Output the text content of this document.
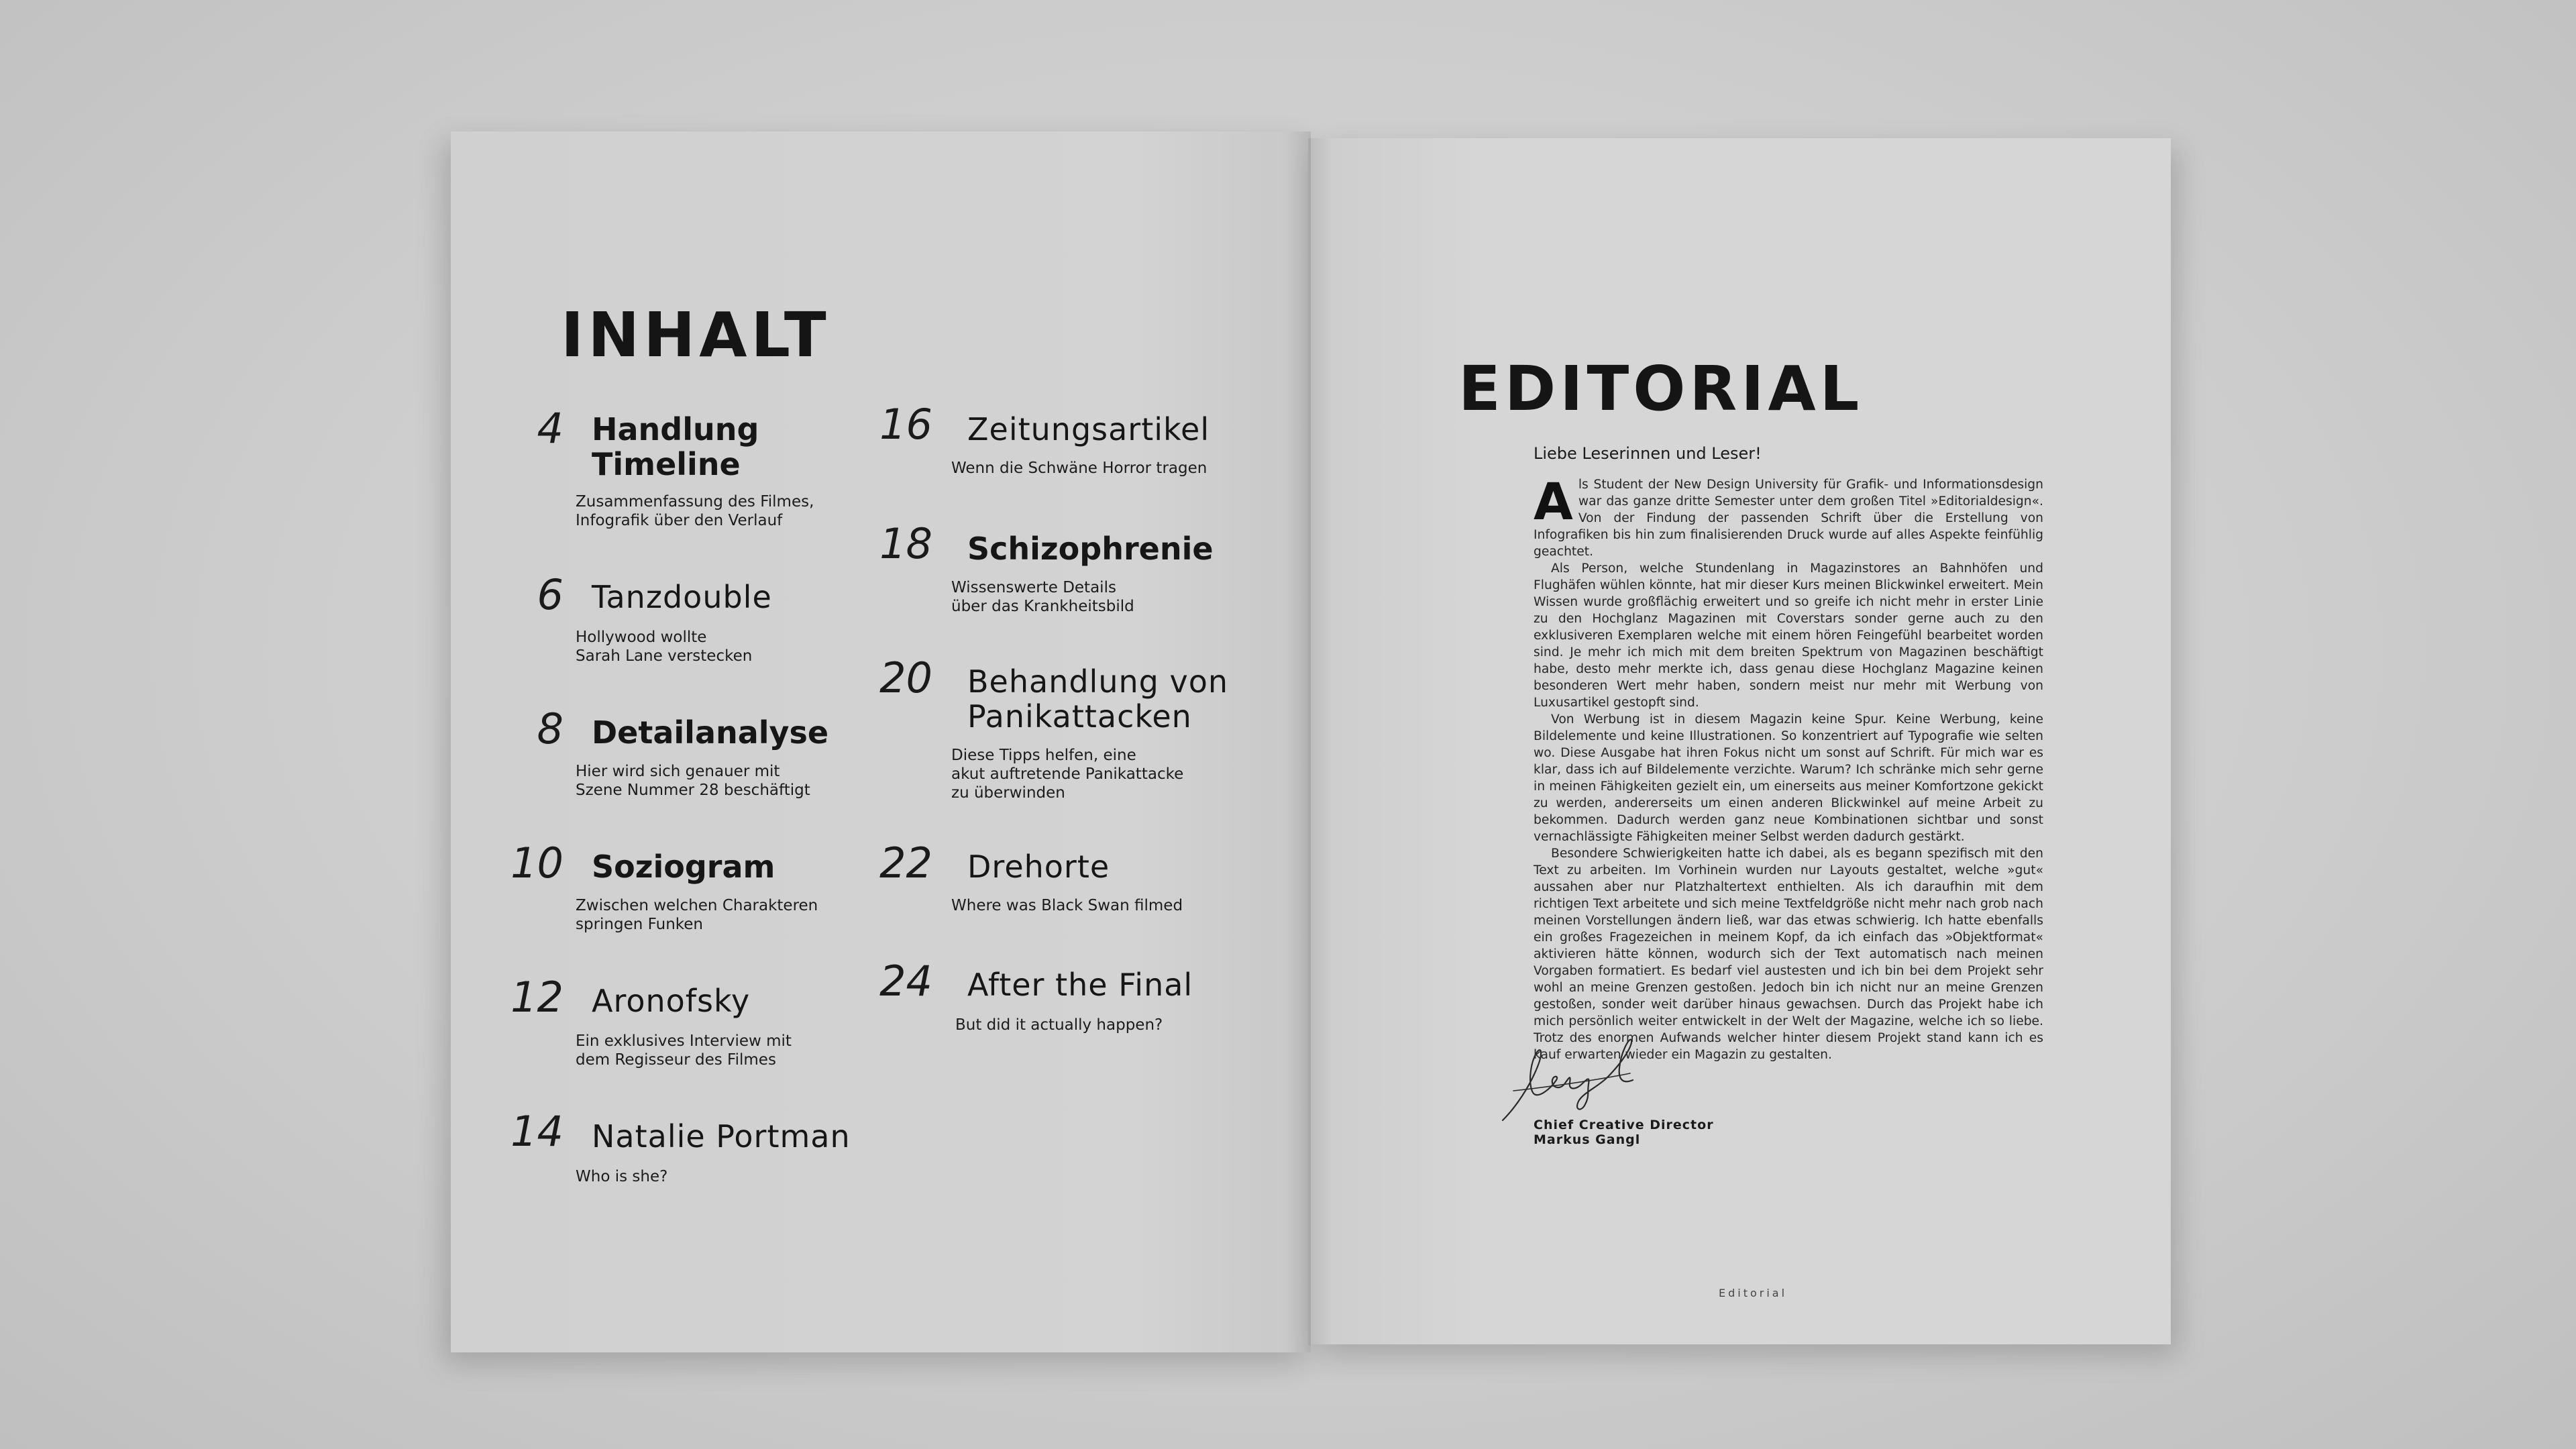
INHALT
4 Handlung
Timeline
Zusammenfassung des Filmes,
Infografik über den Verlauf
6 Tanzdouble
Hollywood wollte
Sarah Lane verstecken
8 Detailanalyse
Hier wird sich genauer mit
Szene Nummer 28 beschäftigt
10 Soziogram
Zwischen welchen Charakteren
springen Funken
12 Aronofsky
Ein exklusives Interview mit
dem Regisseur des Filmes
14 Natalie Portman
Who is she?
16 Zeitungsartikel
Wenn die Schwäne Horror tragen
18 Schizophrenie
Wissenswerte Details
über das Krankheitsbild
20 Behandlung von
Panikattacken
Diese Tipps helfen, eine
akut auftretende Panikattacke
zu überwinden
22 Drehorte
Where was Black Swan filmed
24 After the Final
But did it actually happen?
EDITORIAL
Liebe Leserinnen und Leser!

A ls Student der New Design University für Grafik- und Informationsdesign war das ganze dritte Semester unter dem großen Titel »Editorialdesign«. Von der Findung der passenden Schrift über die Erstellung von Infografiken bis hin zum finalisierenden Druck wurde auf alles Aspekte feinfühlig geachtet.

Als Person, welche Stundenlang in Magazinstores an Bahnhöfen und Flughäfen wühlen könnte, hat mir dieser Kurs meinen Blickwinkel erweitert. Mein Wissen wurde großflächig erweitert und so greife ich nicht mehr in erster Linie zu den Hochglanz Magazinen mit Coverstars sonder gerne auch zu den exklusiveren Exemplaren welche mit einem hören Feingefühl bearbeitet worden sind. Je mehr ich mich mit dem breiten Spektrum von Magazinen beschäftigt habe, desto mehr merkte ich, dass genau diese Hochglanz Magazine keinen besonderen Wert mehr haben, sondern meist nur mehr mit Werbung von Luxusartikel gestopft sind.

Von Werbung ist in diesem Magazin keine Spur. Keine Werbung, keine Bildelemente und keine Illustrationen. So konzentriert auf Typografie wie selten wo. Diese Ausgabe hat ihren Fokus nicht um sonst auf Schrift. Für mich war es klar, dass ich auf Bildelemente verzichte. Warum? Ich schränke mich sehr gerne in meinen Fähigkeiten gezielt ein, um einerseits aus meiner Komfortzone gekickt zu werden, andererseits um einen anderen Blickwinkel auf meine Arbeit zu bekommen. Dadurch werden ganz neue Kombinationen sichtbar und sonst vernachlässigte Fähigkeiten meiner Selbst werden dadurch gestärkt.

Besondere Schwierigkeiten hatte ich dabei, als es begann spezifisch mit den Text zu arbeiten. Im Vorhinein wurden nur Layouts gestaltet, welche »gut« aussahen aber nur Platzhaltertext enthielten. Als ich daraufhin mit dem richtigen Text arbeitete und sich meine Textfeldgröße nicht mehr nach grob nach meinen Vorstellungen ändern ließ, war das etwas schwierig. Ich hatte ebenfalls ein großes Fragezeichen in meinem Kopf, da ich einfach das »Objektformat« aktivieren hätte können, wodurch sich der Text automatisch nach meinen Vorgaben formatiert. Es bedarf viel austesten und ich bin bei dem Projekt sehr wohl an meine Grenzen gestoßen. Jedoch bin ich nicht nur an meine Grenzen gestoßen, sonder weit darüber hinaus gewachsen. Durch das Projekt habe ich mich persönlich weiter entwickelt in der Welt der Magazine, welche ich so liebe. Trotz des enormen Aufwands welcher hinter diesem Projekt stand kann ich es kauf erwarten wieder ein Magazin zu gestalten.

Chief Creative Director
Markus Gangl
Editorial
